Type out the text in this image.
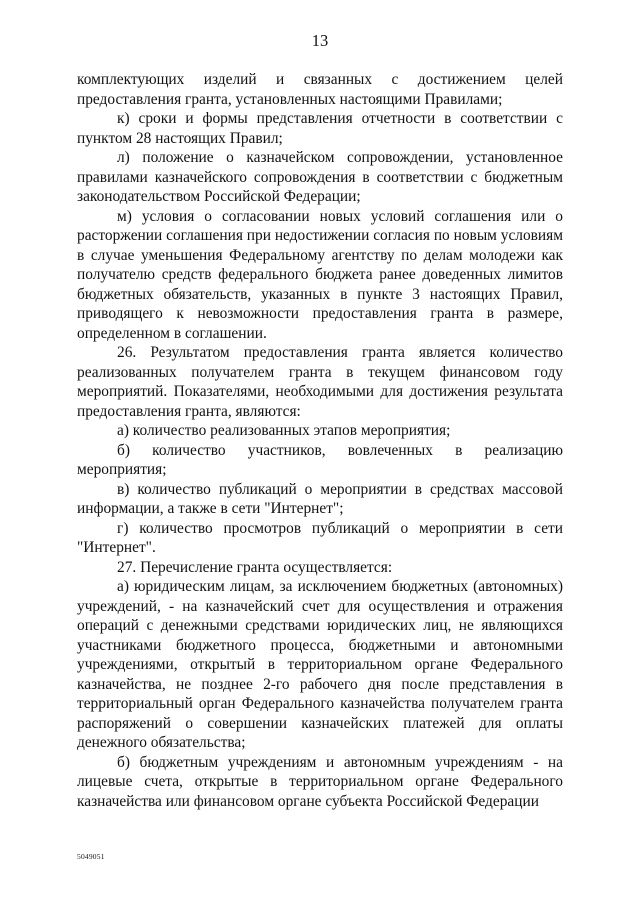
13

комплектующих изделий и связанных с достижением целей предоставления гранта, установленных настоящими Правилами;

к) сроки и формы представления отчетности в соответствии с пунктом 28 настоящих Правил;

л) положение о казначейском сопровождении, установленное правилами казначейского сопровождения в соответствии с бюджетным законодательством Российской Федерации;

м) условия о согласовании новых условий соглашения или о расторжении соглашения при недостижении согласия по новым условиям в случае уменьшения Федеральному агентству по делам молодежи как получателю средств федерального бюджета ранее доведенных лимитов бюджетных обязательств, указанных в пункте 3 настоящих Правил, приводящего к невозможности предоставления гранта в размере, определенном в соглашении.

26. Результатом предоставления гранта является количество реализованных получателем гранта в текущем финансовом году мероприятий. Показателями, необходимыми для достижения результата предоставления гранта, являются:

а) количество реализованных этапов мероприятия;

б) количество участников, вовлеченных в реализацию мероприятия;

в) количество публикаций о мероприятии в средствах массовой информации, а также в сети "Интернет";

г) количество просмотров публикаций о мероприятии в сети "Интернет".

27. Перечисление гранта осуществляется:

а) юридическим лицам, за исключением бюджетных (автономных) учреждений, - на казначейский счет для осуществления и отражения операций с денежными средствами юридических лиц, не являющихся участниками бюджетного процесса, бюджетными и автономными учреждениями, открытый в территориальном органе Федерального казначейства, не позднее 2-го рабочего дня после представления в территориальный орган Федерального казначейства получателем гранта распоряжений о совершении казначейских платежей для оплаты денежного обязательства;

б) бюджетным учреждениям и автономным учреждениям - на лицевые счета, открытые в территориальном органе Федерального казначейства или финансовом органе субъекта Российской Федерации

5049051
